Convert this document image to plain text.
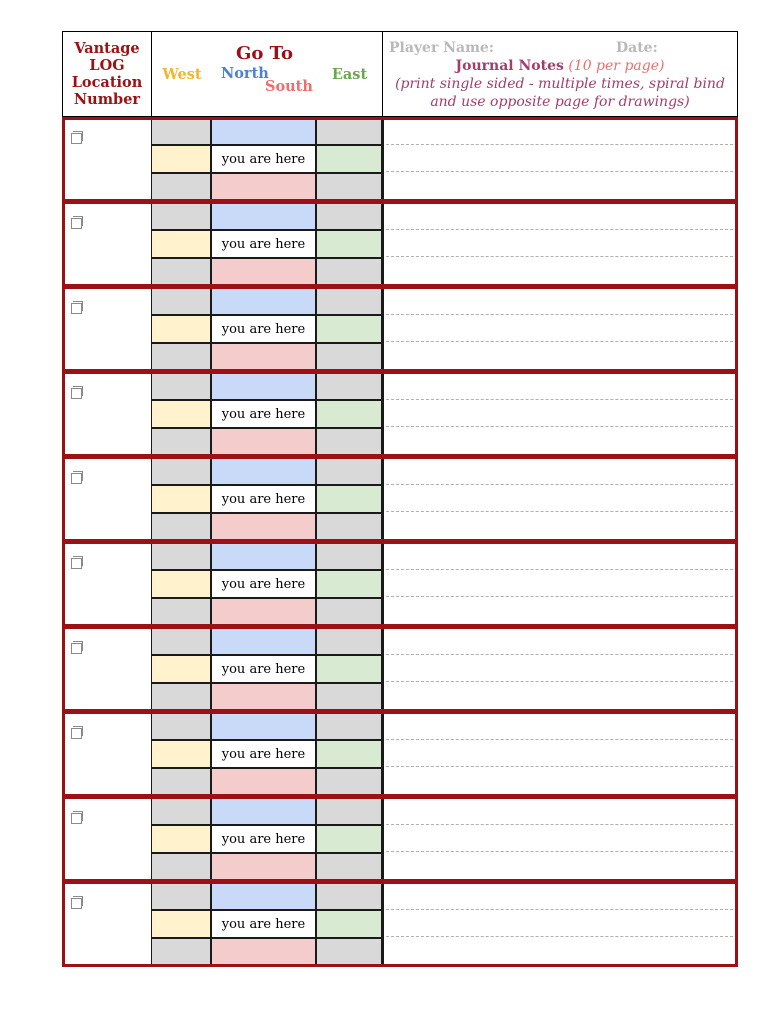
Vantage LOG Location Number
West
Go To
North
South
East
Player Name:	Date:
Journal Notes (10 per page)
(print single sided - multiple times, spiral bind and use opposite page for drawings)
you are here
you are here
you are here
you are here
you are here
you are here
you are here
you are here
you are here
you are here
